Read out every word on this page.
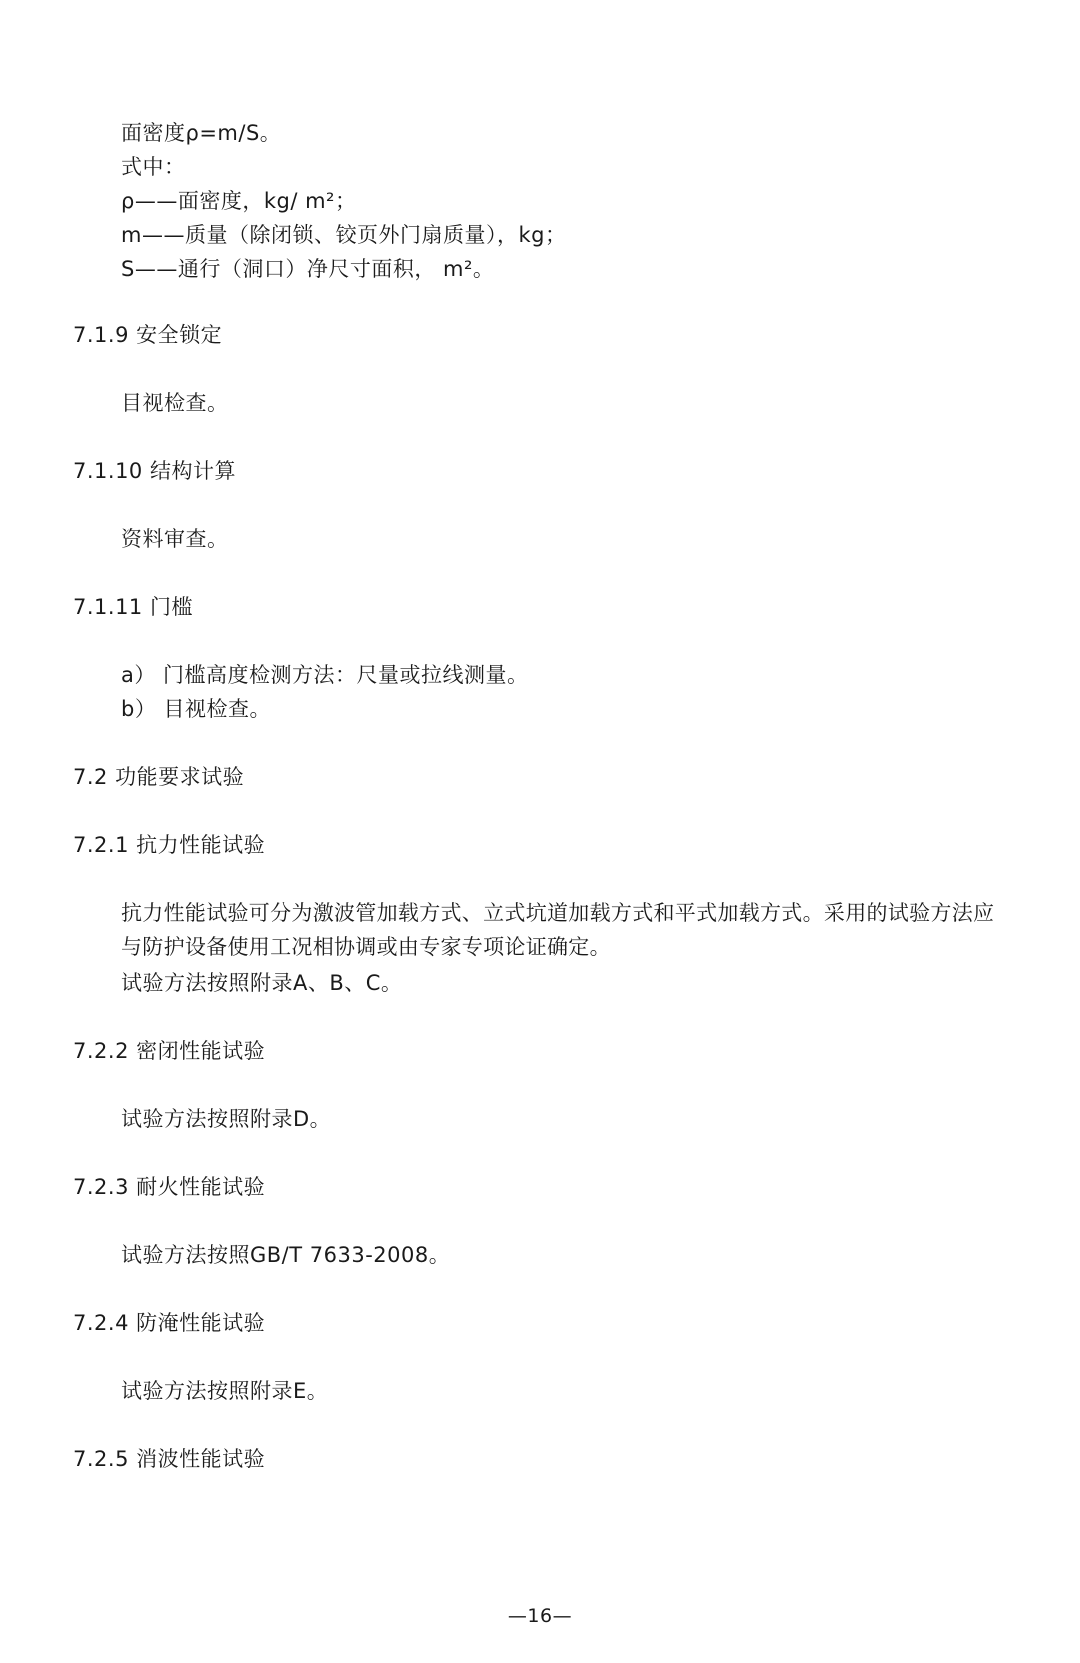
面密度ρ=m/S。
式中：
ρ——面密度，kg/ m²；
m——质量（除闭锁、铰页外门扇质量），kg；
S——通行（洞口）净尺寸面积， m²。
7.1.9 安全锁定
目视检查。
7.1.10 结构计算
资料审查。
7.1.11 门槛
a） 门槛高度检测方法：尺量或拉线测量。
b） 目视检查。
7.2 功能要求试验
7.2.1 抗力性能试验
抗力性能试验可分为激波管加载方式、立式坑道加载方式和平式加载方式。采用的试验方法应与防护设备使用工况相协调或由专家专项论证确定。
试验方法按照附录A、B、C。
7.2.2 密闭性能试验
试验方法按照附录D。
7.2.3 耐火性能试验
试验方法按照GB/T 7633-2008。
7.2.4 防淹性能试验
试验方法按照附录E。
7.2.5 消波性能试验
—16—
